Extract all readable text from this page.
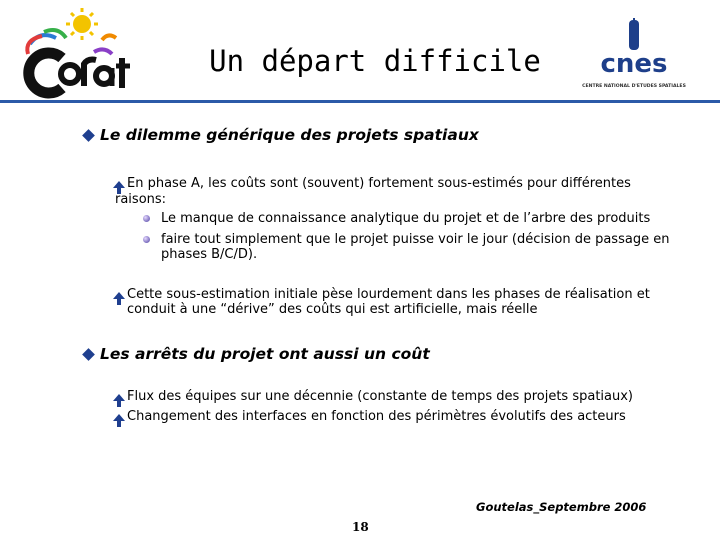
cnes
CENTRE NATIONAL D'ETUDES SPATIALES
Un départ difficile
Le dilemme générique des projets spatiaux
En phase A, les coûts sont (souvent) fortement sous-estimés pour différentes
raisons:
Le manque de connaissance analytique du projet et de l’arbre des produits
faire tout simplement que le projet puisse voir le jour (décision de passage en
phases B/C/D).
Cette sous-estimation initiale pèse lourdement dans les phases de réalisation et
conduit à une “dérive” des coûts qui est artificielle, mais réelle
Les arrêts du projet ont aussi un coût
Flux des équipes sur une décennie (constante de temps des projets spatiaux)
Changement des interfaces en fonction des périmètres évolutifs des acteurs
Goutelas_Septembre 2006
18
